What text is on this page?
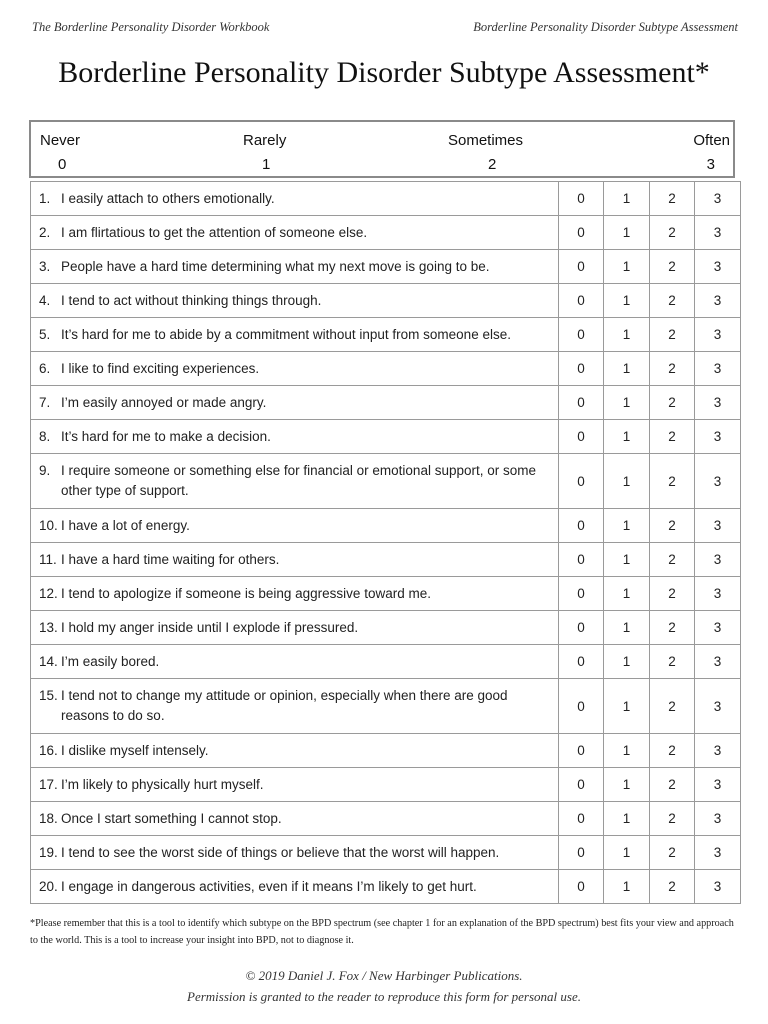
The Borderline Personality Disorder Workbook	Borderline Personality Disorder Subtype Assessment
Borderline Personality Disorder Subtype Assessment*
Never
0
Rarely
1
Sometimes
2
Often
3
1. I easily attach to others emotionally.	0	1	2	3

2. I am flirtatious to get the attention of someone else.	0	1	2	3

3. People have a hard time determining what my next move is going to be.	0	1	2	3

4. I tend to act without thinking things through.	0	1	2	3

5. It’s hard for me to abide by a commitment without input from someone else.	0	1	2	3

6. I like to find exciting experiences.	0	1	2	3

7. I’m easily annoyed or made angry.	0	1	2	3

8. It’s hard for me to make a decision.	0	1	2	3

9. I require someone or something else for financial or emotional support, or some other type of support.	0	1	2	3

10. I have a lot of energy.	0	1	2	3

11. I have a hard time waiting for others.	0	1	2	3

12. I tend to apologize if someone is being aggressive toward me.	0	1	2	3

13. I hold my anger inside until I explode if pressured.	0	1	2	3

14. I’m easily bored.	0	1	2	3

15. I tend not to change my attitude or opinion, especially when there are good reasons to do so.	0	1	2	3

16. I dislike myself intensely.	0	1	2	3

17. I’m likely to physically hurt myself.	0	1	2	3

18. Once I start something I cannot stop.	0	1	2	3

19. I tend to see the worst side of things or believe that the worst will happen.	0	1	2	3

20. I engage in dangerous activities, even if it means I’m likely to get hurt.	0	1	2	3
*Please remember that this is a tool to identify which subtype on the BPD spectrum (see chapter 1 for an explanation of the BPD spectrum) best fits your view and approach to the world. This is a tool to increase your insight into BPD, not to diagnose it.
© 2019 Daniel J. Fox / New Harbinger Publications.
Permission is granted to the reader to reproduce this form for personal use.
